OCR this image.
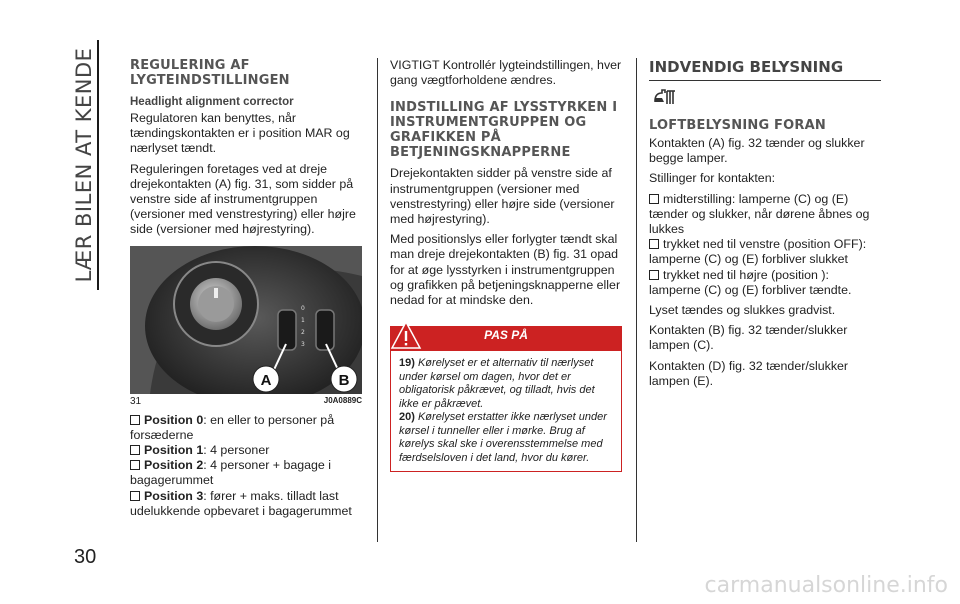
LÆR BILEN AT KENDE
30
REGULERING AF LYGTEINDSTILLINGEN
Headlight alignment corrector

Regulatoren kan benyttes, når tændingskontakten er i position MAR og nærlyset tændt.

Reguleringen foretages ved at dreje drejekontakten (A) fig. 31, som sidder på venstre side af instrumentgruppen (versioner med venstrestyring) eller højre side (versioner med højrestyring).

0
1
2
3
A	B
31	J0A0889C
Position 0: en eller to personer på forsæderne
Position 1: 4 personer
Position 2: 4 personer + bagage i bagagerummet
Position 3: fører + maks. tilladt last udelukkende opbevaret i bagagerummet

VIGTIGT Kontrollér lygteindstillingen, hver gang vægtforholdene ændres.

INDSTILLING AF LYSSTYRKEN I INSTRUMENTGRUPPEN OG GRAFIKKEN PÅ BETJENINGSKNAPPERNE

Drejekontakten sidder på venstre side af instrumentgruppen (versioner med venstrestyring) eller højre side (versioner med højrestyring).

Med positionslys eller forlygter tændt skal man dreje drejekontakten (B) fig. 31 opad for at øge lysstyrken i instrumentgruppen og grafikken på betjeningsknapperne eller nedad for at mindske den.

PAS PÅ
19) Kørelyset er et alternativ til nærlyset under kørsel om dagen, hvor det er obligatorisk påkrævet, og tilladt, hvis det ikke er påkrævet.
20) Kørelyset erstatter ikke nærlyset under kørsel i tunneller eller i mørke. Brug af kørelys skal ske i overensstemmelse med færdselsloven i det land, hvor du kører.
INDVENDIG BELYSNING
LOFTBELYSNING FORAN

Kontakten (A) fig. 32 tænder og slukker begge lamper.

Stillinger for kontakten:

midterstilling: lamperne (C) og (E) tænder og slukker, når dørene åbnes og lukkes
trykket ned til venstre (position OFF): lamperne (C) og (E) forbliver slukket
trykket ned til højre (position ): lamperne (C) og (E) forbliver tændte.

Lyset tændes og slukkes gradvist.

Kontakten (B) fig. 32 tænder/slukker lampen (C).

Kontakten (D) fig. 32 tænder/slukker lampen (E).

carmanualsonline.info
